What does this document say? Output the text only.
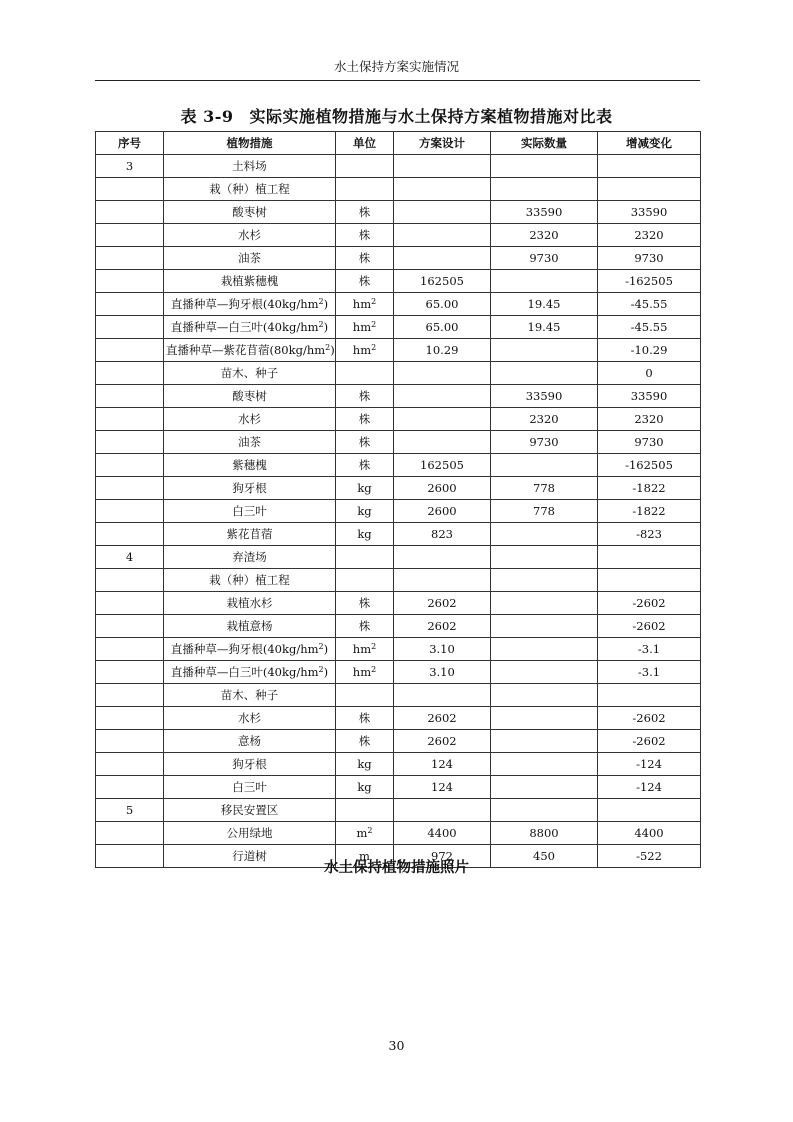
水土保持方案实施情况
表 3-9 实际实施植物措施与水土保持方案植物措施对比表
序号	植物措施	单位	方案设计	实际数量	增减变化
3	土料场				
	栽（种）植工程				
	酸枣树	株		33590	33590
	水杉	株		2320	2320
	油茶	株		9730	9730
	栽植紫穗槐	株	162505		-162505
	直播种草—狗牙根$(40kg/hm^2)$	$hm^2$	65.00	19.45	-45.55
	直播种草—白三叶$(40kg/hm^2)$	$hm^2$	65.00	19.45	-45.55
	直播种草—紫花苜蓿$(80kg/hm^2)$	$hm^2$	10.29		-10.29
	苗木、种子				0
	酸枣树	株		33590	33590
	水杉	株		2320	2320
	油茶	株		9730	9730
	紫穗槐	株	162505		-162505
	狗牙根	kg	2600	778	-1822
	白三叶	kg	2600	778	-1822
	紫花苜蓿	kg	823		-823
4	弃渣场				
	栽（种）植工程				
	栽植水杉	株	2602		-2602
	栽植意杨	株	2602		-2602
	直播种草—狗牙根$(40kg/hm^2)$	$hm^2$	3.10		-3.1
	直播种草—白三叶$(40kg/hm^2)$	$hm^2$	3.10		-3.1
	苗木、种子				
	水杉	株	2602		-2602
	意杨	株	2602		-2602
	狗牙根	kg	124		-124
	白三叶	kg	124		-124
5	移民安置区				
	公用绿地	$m^2$	4400	8800	4400
	行道树	m	972	450	-522
水土保持植物措施照片
30
